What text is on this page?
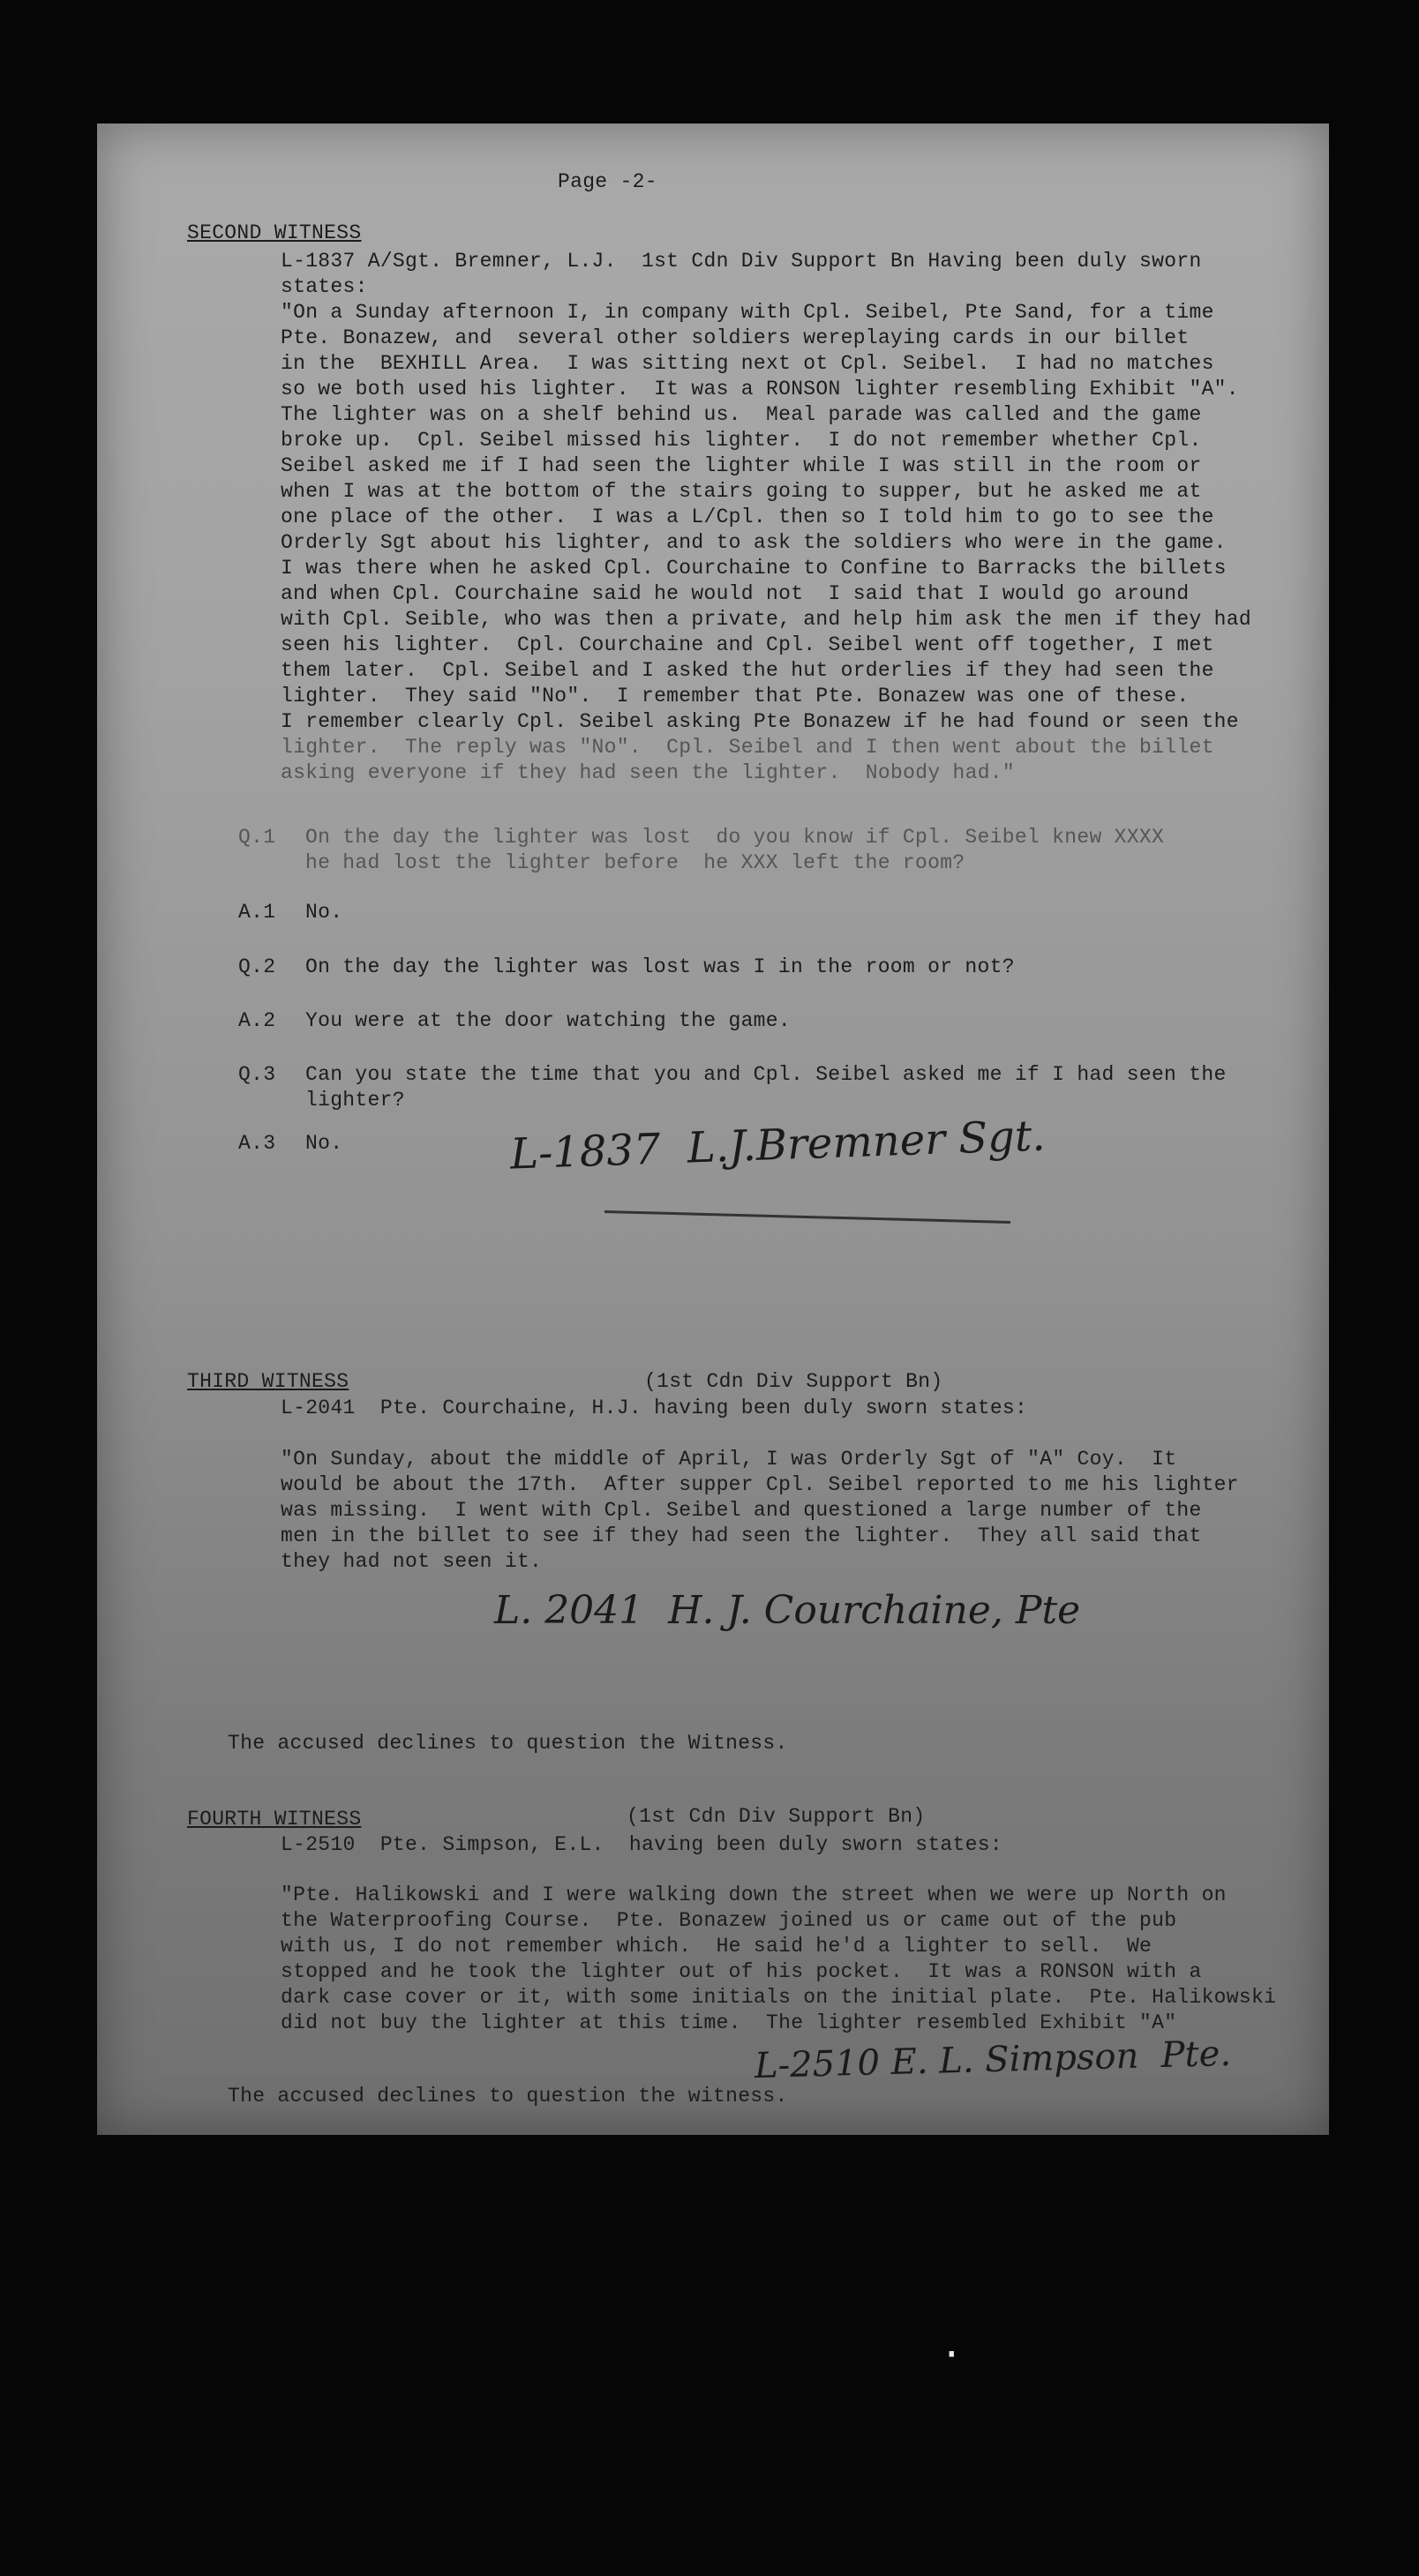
Page -2-
SECOND WITNESS
L-1837 A/Sgt. Bremner, L.J.  1st Cdn Div Support Bn Having been duly sworn
states:
"On a Sunday afternoon I, in company with Cpl. Seibel, Pte Sand, for a time
Pte. Bonazew, and  several other soldiers wereplaying cards in our billet
in the  BEXHILL Area.  I was sitting next ot Cpl. Seibel.  I had no matches
so we both used his lighter.  It was a RONSON lighter resembling Exhibit "A".
The lighter was on a shelf behind us.  Meal parade was called and the game
broke up.  Cpl. Seibel missed his lighter.  I do not remember whether Cpl.
Seibel asked me if I had seen the lighter while I was still in the room or
when I was at the bottom of the stairs going to supper, but he asked me at
one place of the other.  I was a L/Cpl. then so I told him to go to see the
Orderly Sgt about his lighter, and to ask the soldiers who were in the game.
I was there when he asked Cpl. Courchaine to Confine to Barracks the billets
and when Cpl. Courchaine said he would not  I said that I would go around
with Cpl. Seible, who was then a private, and help him ask the men if they had
seen his lighter.  Cpl. Courchaine and Cpl. Seibel went off together, I met
them later.  Cpl. Seibel and I asked the hut orderlies if they had seen the
lighter.  They said "No".  I remember that Pte. Bonazew was one of these.
I remember clearly Cpl. Seibel asking Pte Bonazew if he had found or seen the
lighter.  The reply was "No".  Cpl. Seibel and I then went about the billet
asking everyone if they had seen the lighter.  Nobody had."
Q.1 On the day the lighter was lost  do you know if Cpl. Seibel knew XXXX
he had lost the lighter before  he XXX left the room?
A.1 No.
Q.2 On the day the lighter was lost was I in the room or not?
A.2 You were at the door watching the game.
Q.3 Can you state the time that you and Cpl. Seibel asked me if I had seen the
lighter?
A.3 No.	L-1837  L.J.Bremner Sgt.
THIRD WITNESS	(1st Cdn Div Support Bn)
L-2041  Pte. Courchaine, H.J. having been duly sworn states:
"On Sunday, about the middle of April, I was Orderly Sgt of "A" Coy.  It
would be about the 17th.  After supper Cpl. Seibel reported to me his lighter
was missing.  I went with Cpl. Seibel and questioned a large number of the
men in the billet to see if they had seen the lighter.  They all said that
they had not seen it.
L. 2041  H. J. Courchaine, Pte
The accused declines to question the Witness.
FOURTH WITNESS	(1st Cdn Div Support Bn)
L-2510  Pte. Simpson, E.L.  having been duly sworn states:
"Pte. Halikowski and I were walking down the street when we were up North on
the Waterproofing Course.  Pte. Bonazew joined us or came out of the pub
with us, I do not remember which.  He said he'd a lighter to sell.  We
stopped and he took the lighter out of his pocket.  It was a RONSON with a
dark case cover or it, with some initials on the initial plate.  Pte. Halikowski
did not buy the lighter at this time.  The lighter resembled Exhibit "A"
L-2510 E. L. Simpson  Pte.
The accused declines to question the witness.
‧
